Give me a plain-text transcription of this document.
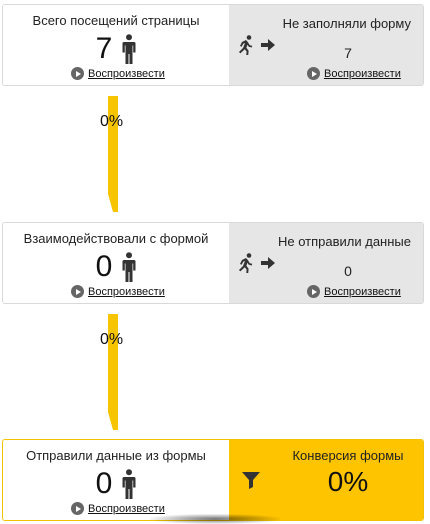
Всего посещений страницы
7
Воспроизвести
Не заполняли форму
7
Воспроизвести
0%
Взаимодействовали с формой
0
Воспроизвести
Не отправили данные
0
Воспроизвести
0%
Отправили данные из формы
0
Воспроизвести
Конверсия формы
0%
